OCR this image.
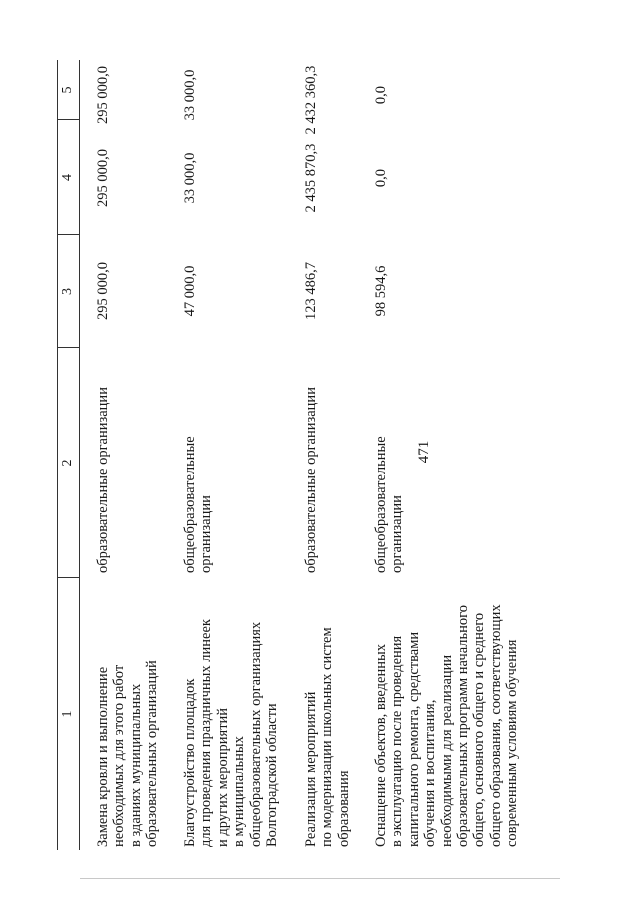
471
1
2
3
4
5
Замена кровли и выполнение необходимых для этого работ в зданиях муниципальных образовательных организаций
образовательные организации
295 000,0
295 000,0
295 000,0
Благоустройство площадок для проведения праздничных линеек и других мероприятий в муниципальных общеобразовательных организациях Волгоградской области
общеобразовательные организации
47 000,0
33 000,0
33 000,0
Реализация мероприятий по модернизации школьных систем образования
образовательные организации
123 486,7
2 435 870,3
2 432 360,3
Оснащение объектов, введенных в эксплуатацию после проведения капитального ремонта, средствами обучения и воспитания, необходимыми для реализации образовательных программ начального общего, основного общего и среднего общего образования, соответствующих современным условиям обучения
общеобразовательные организации
98 594,6
0,0
0,0
